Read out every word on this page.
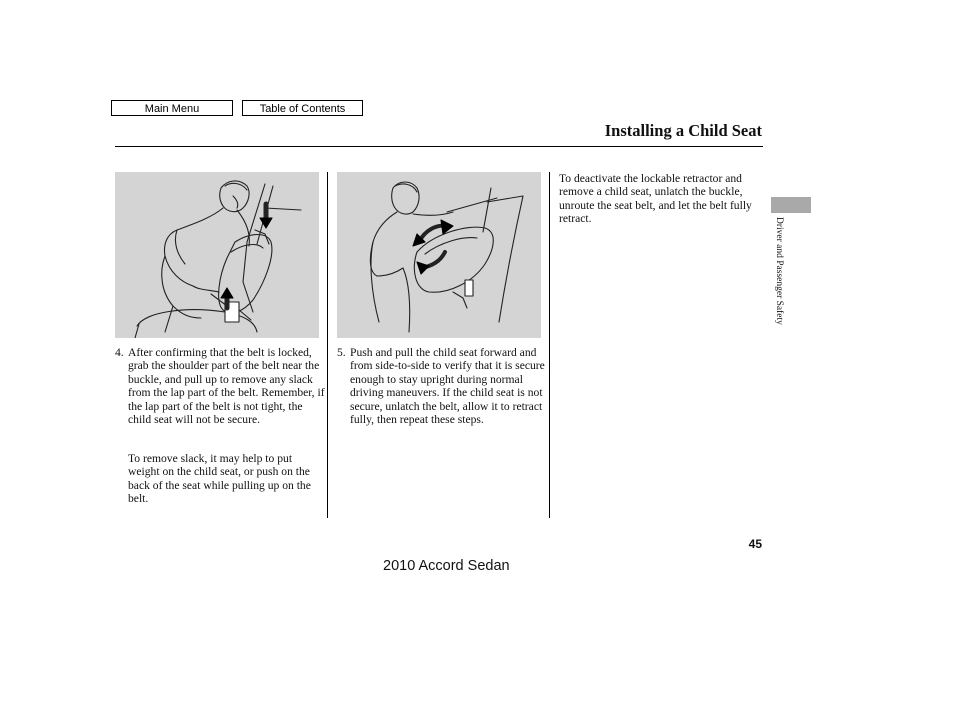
Main Menu	Table of Contents
Installing a Child Seat
4. After confirming that the belt is locked, grab the shoulder part of the belt near the buckle, and pull up to remove any slack from the lap part of the belt. Remember, if the lap part of the belt is not tight, the child seat will not be secure.

To remove slack, it may help to put weight on the child seat, or push on the back of the seat while pulling up on the belt.

5. Push and pull the child seat forward and from side-to-side to verify that it is secure enough to stay upright during normal driving maneuvers. If the child seat is not secure, unlatch the belt, allow it to retract fully, then repeat these steps.

To deactivate the lockable retractor and remove a child seat, unlatch the buckle, unroute the seat belt, and let the belt fully retract.	Driver and Passenger Safety
45
2010 Accord Sedan
